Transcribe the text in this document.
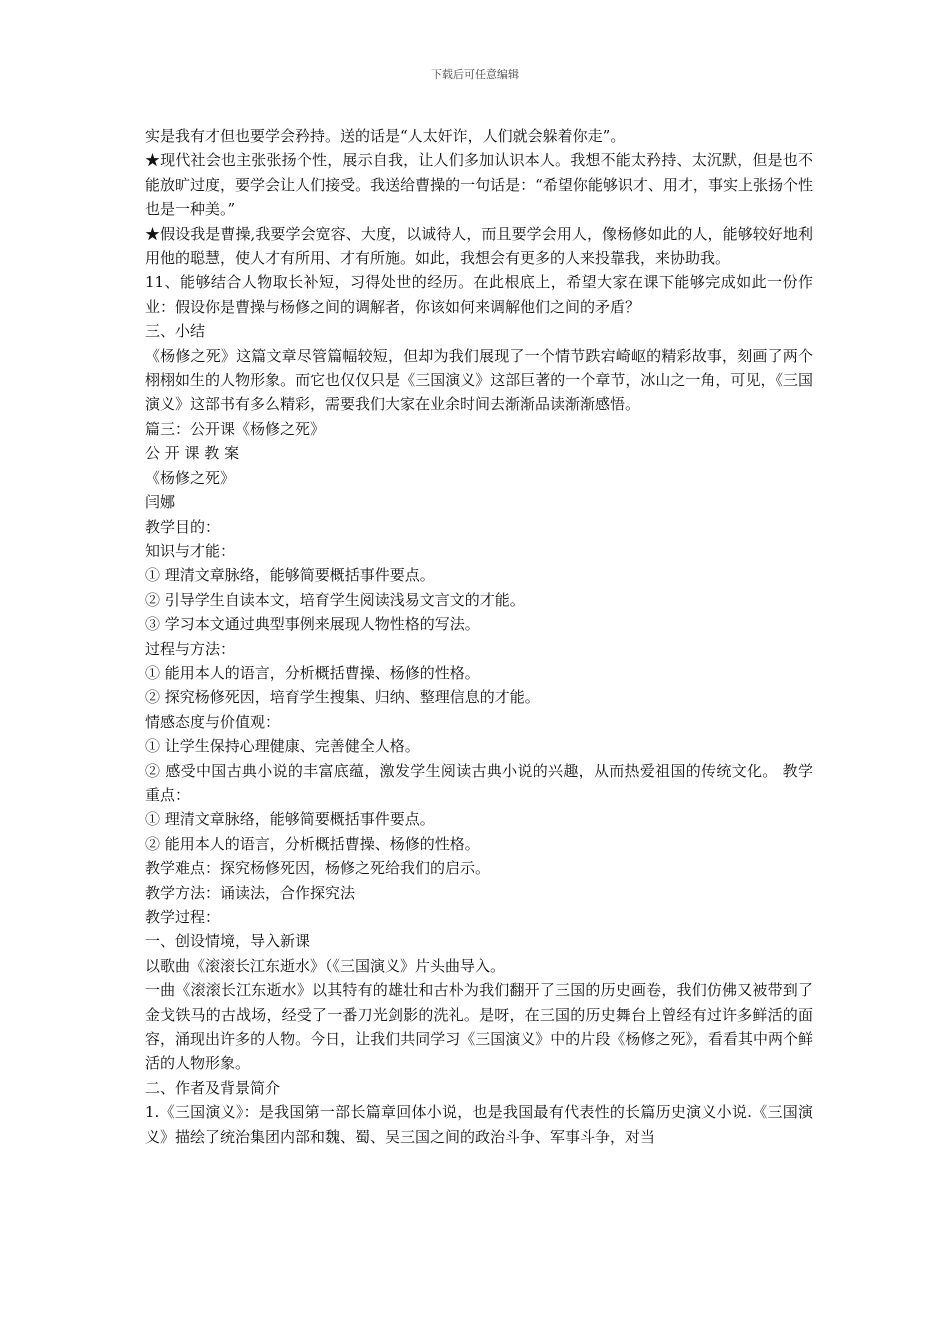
下载后可任意编辑

实是我有才但也要学会矜持。送的话是“人太奸诈，人们就会躲着你走”。

★现代社会也主张张扬个性，展示自我，让人们多加认识本人。我想不能太矜持、太沉默，但是也不能放旷过度，要学会让人们接受。我送给曹操的一句话是：“希望你能够识才、用才，事实上张扬个性也是一种美。”

★假设我是曹操,我要学会宽容、大度，以诚待人，而且要学会用人，像杨修如此的人，能够较好地利用他的聪慧，使人才有所用、才有所施。如此，我想会有更多的人来投靠我，来协助我。

11、能够结合人物取长补短，习得处世的经历。在此根底上，希望大家在课下能够完成如此一份作业：假设你是曹操与杨修之间的调解者，你该如何来调解他们之间的矛盾？

三、小结

《杨修之死》这篇文章尽管篇幅较短，但却为我们展现了一个情节跌宕崎岖的精彩故事，刻画了两个栩栩如生的人物形象。而它也仅仅只是《三国演义》这部巨著的一个章节，冰山之一角，可见，《三国演义》这部书有多么精彩，需要我们大家在业余时间去渐渐品读渐渐感悟。

篇三：公开课《杨修之死》

公 开 课 教 案

《杨修之死》

闫娜

教学目的：

知识与才能：

① 理清文章脉络，能够简要概括事件要点。

② 引导学生自读本文，培育学生阅读浅易文言文的才能。

③ 学习本文通过典型事例来展现人物性格的写法。

过程与方法：

① 能用本人的语言，分析概括曹操、杨修的性格。

② 探究杨修死因，培育学生搜集、归纳、整理信息的才能。

情感态度与价值观：

① 让学生保持心理健康、完善健全人格。

② 感受中国古典小说的丰富底蕴，激发学生阅读古典小说的兴趣，从而热爱祖国的传统文化。 教学重点：

① 理清文章脉络，能够简要概括事件要点。

② 能用本人的语言，分析概括曹操、杨修的性格。

教学难点：探究杨修死因，杨修之死给我们的启示。

教学方法：诵读法，合作探究法

教学过程：

一、创设情境，导入新课

以歌曲《滚滚长江东逝水》（《三国演义》片头曲导入。

一曲《滚滚长江东逝水》以其特有的雄壮和古朴为我们翻开了三国的历史画卷，我们仿佛又被带到了金戈铁马的古战场，经受了一番刀光剑影的洗礼。是呀，在三国的历史舞台上曾经有过许多鲜活的面容，涌现出许多的人物。今日，让我们共同学习《三国演义》中的片段《杨修之死》，看看其中两个鲜活的人物形象。

二、作者及背景简介

1.《三国演义》：是我国第一部长篇章回体小说，也是我国最有代表性的长篇历史演义小说.《三国演义》描绘了统治集团内部和魏、蜀、吴三国之间的政治斗争、军事斗争，对当
